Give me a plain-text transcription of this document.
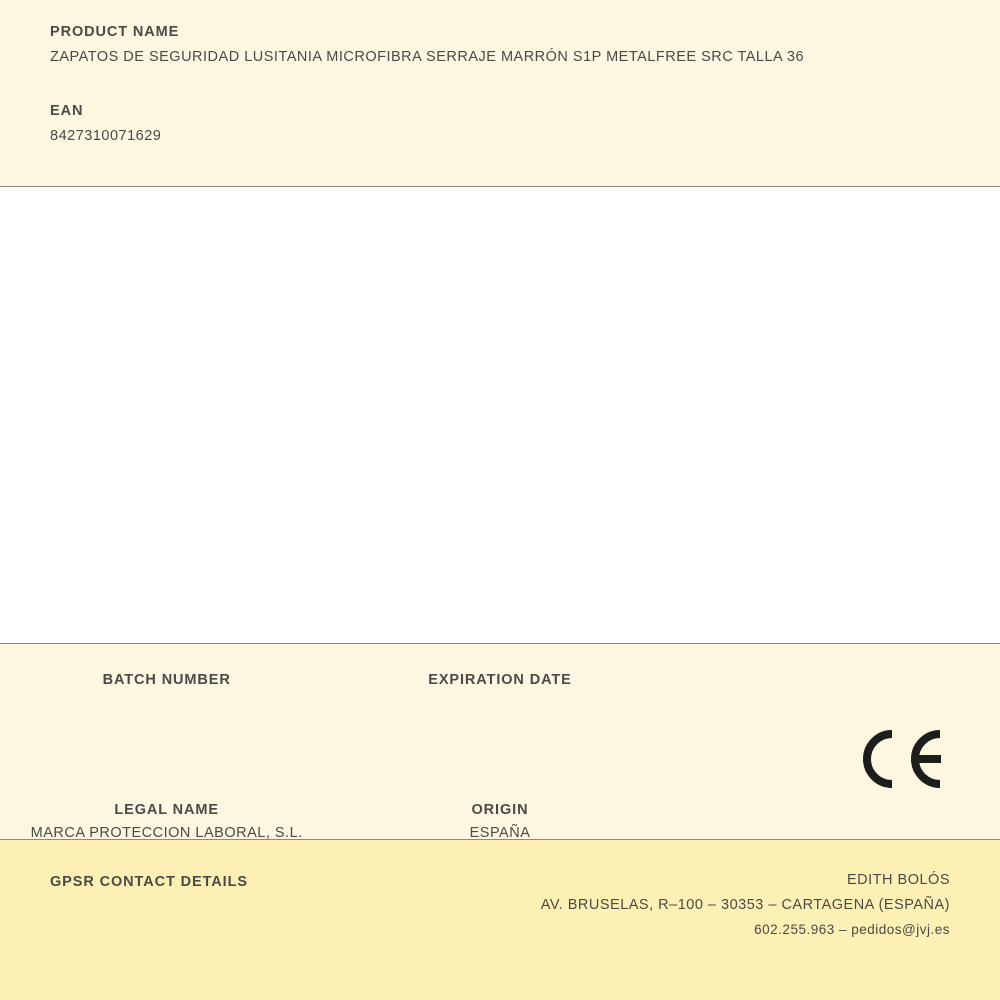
PRODUCT NAME

ZAPATOS DE SEGURIDAD LUSITANIA MICROFIBRA SERRAJE MARRÓN S1P METALFREE SRC TALLA 36

EAN

8427310071629

BATCH NUMBER	EXPIRATION DATE

LEGAL NAME

MARCA PROTECCION LABORAL, S.L.

ORIGIN

ESPAÑA

GPSR CONTACT DETAILS	EDITH BOLÓS

AV. BRUSELAS, R–100 – 30353 – CARTAGENA (ESPAÑA)

602.255.963 – pedidos@jvj.es
